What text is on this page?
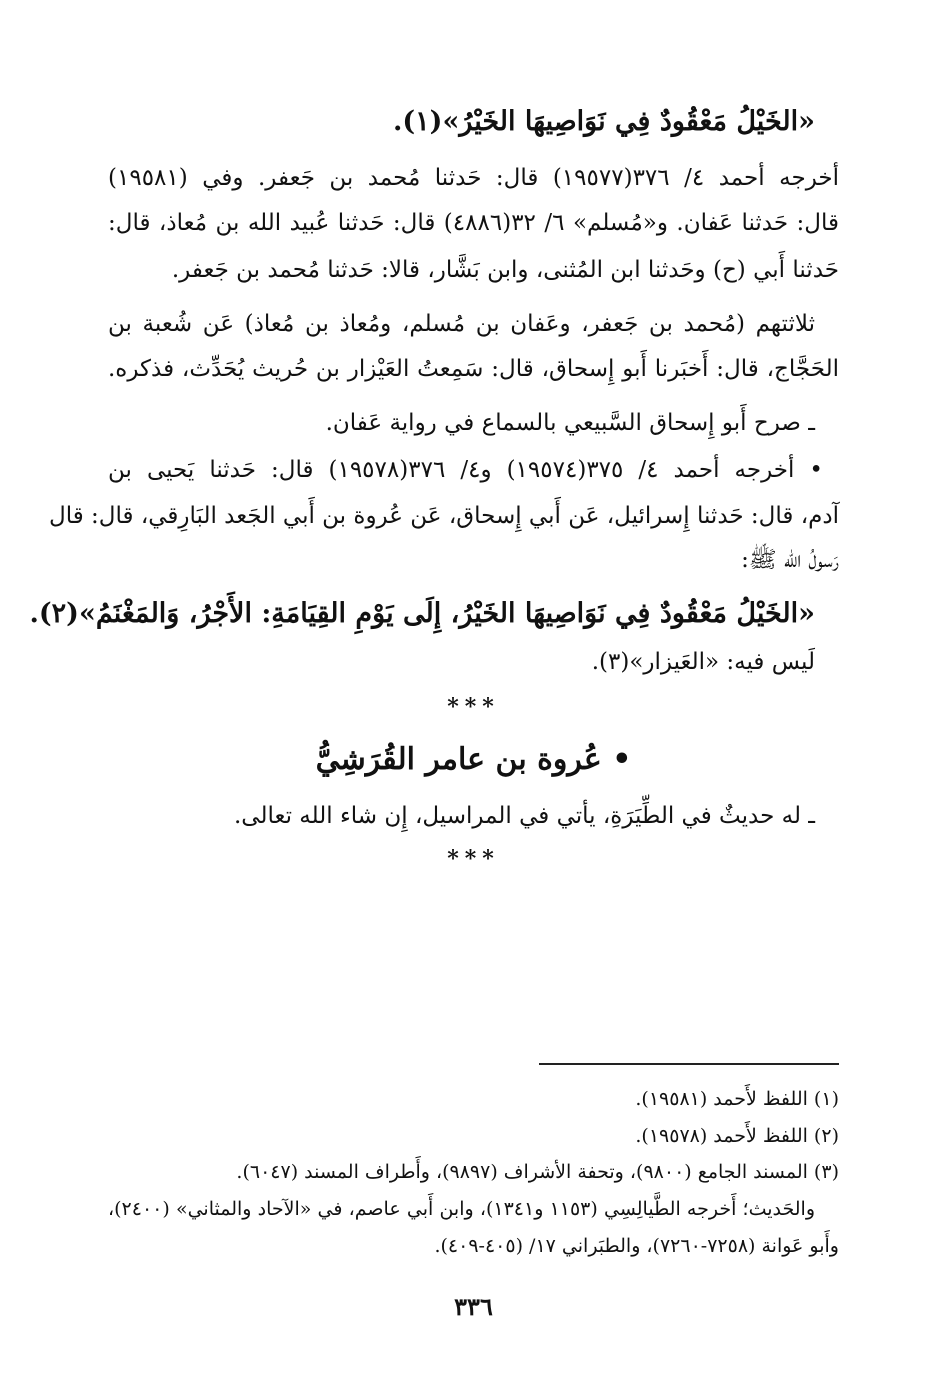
«الخَيْلُ مَعْقُودٌ فِي نَوَاصِيهَا الخَيْرُ»(١).
أخرجه أحمد ٤/ ٣٧٦(١٩٥٧٧) قال: حَدثنا مُحمد بن جَعفر. وفي (١٩٥٨١)
قال: حَدثنا عَفان. و«مُسلم» ٦/ ٣٢(٤٨٨٦) قال: حَدثنا عُبيد الله بن مُعاذ، قال:
حَدثنا أَبي (ح) وحَدثنا ابن المُثنى، وابن بَشَّار، قالا: حَدثنا مُحمد بن جَعفر.
ثلاثتهم (مُحمد بن جَعفر، وعَفان بن مُسلم، ومُعاذ بن مُعاذ) عَن شُعبة بن
الحَجَّاج، قال: أَخبَرنا أَبو إِسحاق، قال: سَمِعتُ العَيْزار بن حُريث يُحَدِّث، فذكره.
ـ صرح أَبو إِسحاق السَّبيعي بالسماع في رواية عَفان.
• أخرجه أحمد ٤/ ٣٧٥(١٩٥٧٤) و٤/ ٣٧٦(١٩٥٧٨) قال: حَدثنا يَحيى بن
آدم، قال: حَدثنا إِسرائيل، عَن أَبي إِسحاق، عَن عُروة بن أَبي الجَعد البَارِقي، قال: قال
رَسولُ الله ﷺ:
«الخَيْلُ مَعْقُودٌ فِي نَوَاصِيهَا الخَيْرُ، إِلَى يَوْمِ القِيَامَةِ: الأَجْرُ، وَالمَغْنَمُ»(٢).
لَيس فيه: «العَيزار»(٣).
***
• عُروة بن عامر القُرَشِيُّ
ـ له حديثٌ في الطِّيَرَةِ، يأتي في المراسيل، إِن شاء الله تعالى.
***
(١) اللفظ لأَحمد (١٩٥٨١).
(٢) اللفظ لأَحمد (١٩٥٧٨).
(٣) المسند الجامع (٩٨٠٠)، وتحفة الأشراف (٩٨٩٧)، وأَطراف المسند (٦٠٤٧).
والحَديث؛ أَخرجه الطَّيالِسِي (١١٥٣ و١٣٤١)، وابن أَبي عاصم، في «الآحاد والمثاني» (٢٤٠٠)،
وأَبو عَوانة (٧٢٥٨-٧٢٦٠)، والطبَراني ١٧/ (٤٠٥-٤٠٩).
٣٣٦
